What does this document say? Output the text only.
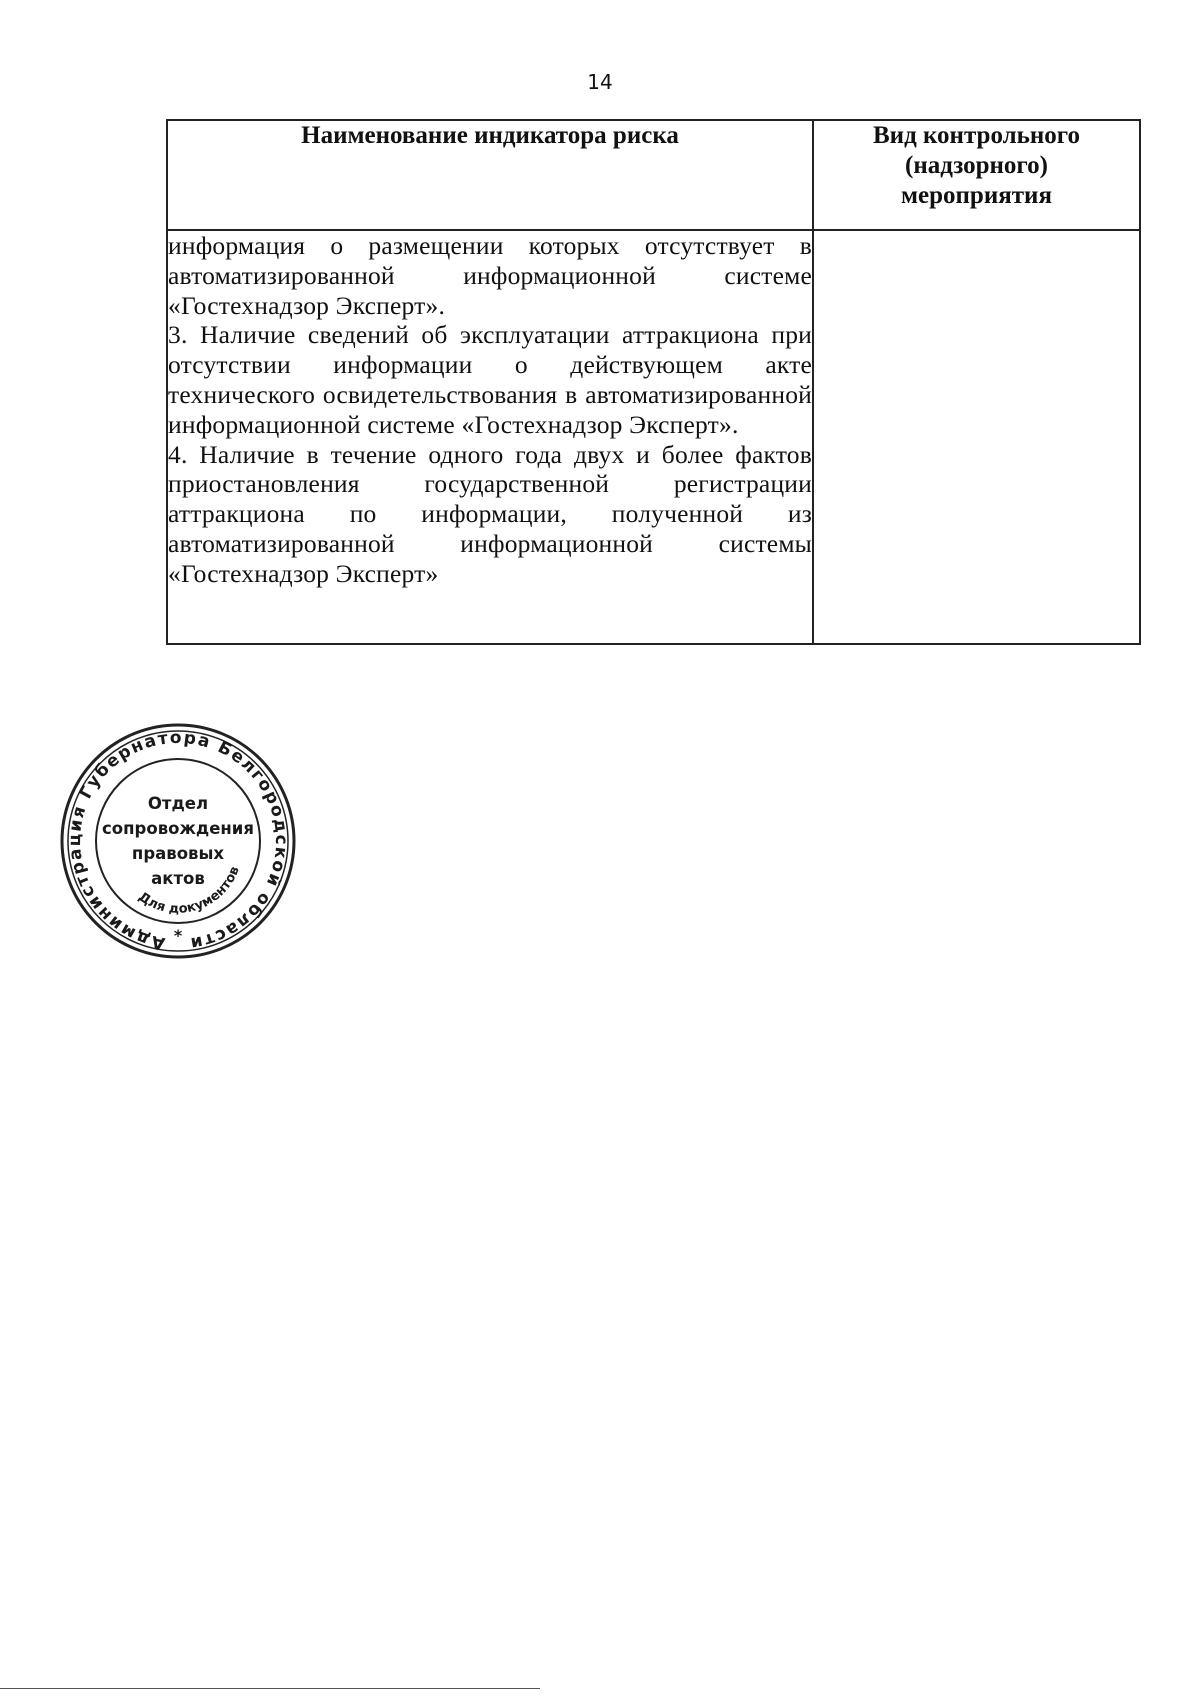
14
Наименование индикатора риска	Вид контрольного
(надзорного)
мероприятия

информация о размещении которых отсутствует в автоматизированной информационной системе «Гостехнадзор Эксперт».

3. Наличие сведений об эксплуатации аттракциона при отсутствии информации о действующем акте технического освидетельствования в автоматизированной информационной системе «Гостехнадзор Эксперт».

4. Наличие в течение одного года двух и более фактов приостановления государственной регистрации аттракциона по информации, полученной из автоматизированной информационной системы «Гостехнадзор Эксперт»	

Администрация Губернатора Белгородской области
Для документов
*
Отдел
сопровождения
правовых
актов
